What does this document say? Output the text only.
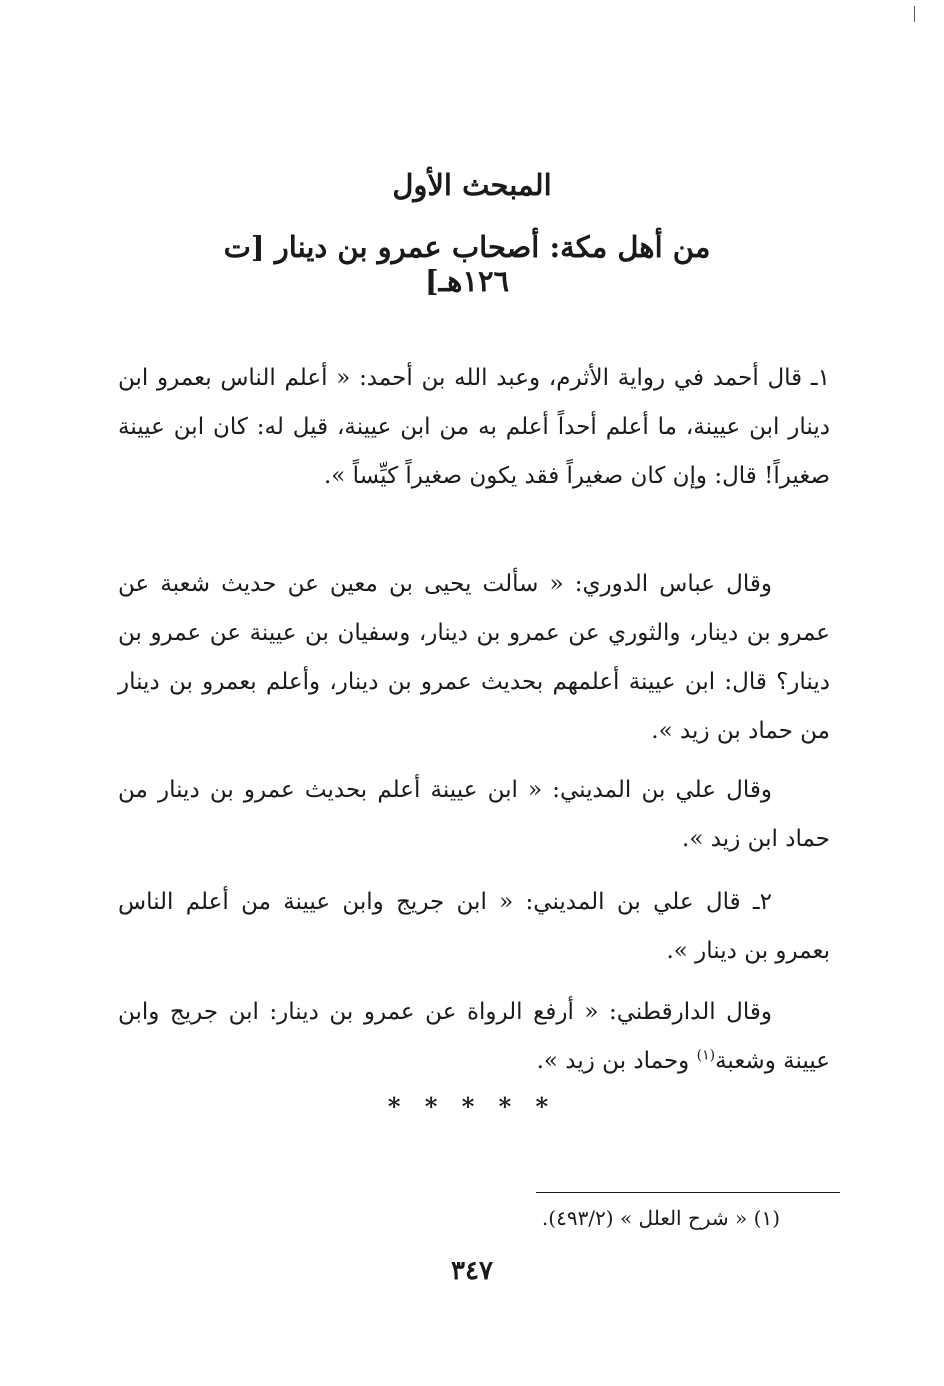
المبحث الأول
من أهل مكة: أصحاب عمرو بن دينار [ت ١٢٦هـ]

١ـ قال أحمد في رواية الأثرم، وعبد الله بن أحمد: « أعلم الناس بعمرو ابن دينار ابن عيينة، ما أعلم أحداً أعلم به من ابن عيينة، قيل له: كان ابن عيينة صغيراً! قال: وإن كان صغيراً فقد يكون صغيراً كيِّساً ».

وقال عباس الدوري: « سألت يحيى بن معين عن حديث شعبة عن عمرو بن دينار، والثوري عن عمرو بن دينار، وسفيان بن عيينة عن عمرو بن دينار؟ قال: ابن عيينة أعلمهم بحديث عمرو بن دينار، وأعلم بعمرو بن دينار من حماد بن زيد ».

وقال علي بن المديني: « ابن عيينة أعلم بحديث عمرو بن دينار من حماد ابن زيد ».

٢ـ قال علي بن المديني: « ابن جريج وابن عيينة من أعلم الناس بعمرو بن دينار ».

وقال الدارقطني: « أرفع الرواة عن عمرو بن دينار: ابن جريج وابن عيينة وشعبة$^{(١)}$ وحماد بن زيد ».

* * * * *
(١) « شرح العلل » (٤٩٣/٢).
٣٤٧
